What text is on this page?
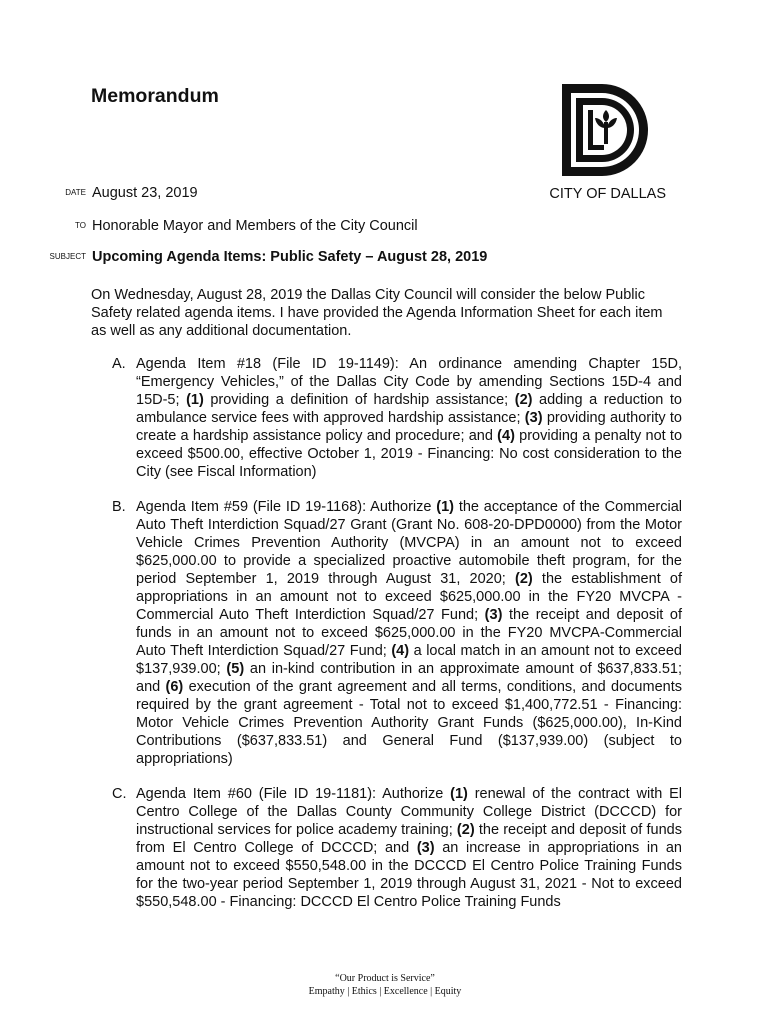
Memorandum
DATE August 23, 2019	CITY OF DALLAS
TO Honorable Mayor and Members of the City Council
SUBJECT Upcoming Agenda Items: Public Safety – August 28, 2019
On Wednesday, August 28, 2019 the Dallas City Council will consider the below Public Safety related agenda items. I have provided the Agenda Information Sheet for each item as well as any additional documentation.
A. Agenda Item #18 (File ID 19-1149): An ordinance amending Chapter 15D, “Emergency Vehicles,” of the Dallas City Code by amending Sections 15D-4 and 15D-5; (1) providing a definition of hardship assistance; (2) adding a reduction to ambulance service fees with approved hardship assistance; (3) providing authority to create a hardship assistance policy and procedure; and (4) providing a penalty not to exceed $500.00, effective October 1, 2019 - Financing: No cost consideration to the City (see Fiscal Information)
B. Agenda Item #59 (File ID 19-1168): Authorize (1) the acceptance of the Commercial Auto Theft Interdiction Squad/27 Grant (Grant No. 608-20-DPD0000) from the Motor Vehicle Crimes Prevention Authority (MVCPA) in an amount not to exceed $625,000.00 to provide a specialized proactive automobile theft program, for the period September 1, 2019 through August 31, 2020; (2) the establishment of appropriations in an amount not to exceed $625,000.00 in the FY20 MVCPA - Commercial Auto Theft Interdiction Squad/27 Fund; (3) the receipt and deposit of funds in an amount not to exceed $625,000.00 in the FY20 MVCPA-Commercial Auto Theft Interdiction Squad/27 Fund; (4) a local match in an amount not to exceed $137,939.00; (5) an in-kind contribution in an approximate amount of $637,833.51; and (6) execution of the grant agreement and all terms, conditions, and documents required by the grant agreement - Total not to exceed $1,400,772.51 - Financing: Motor Vehicle Crimes Prevention Authority Grant Funds ($625,000.00), In-Kind Contributions ($637,833.51) and General Fund ($137,939.00) (subject to appropriations)
C. Agenda Item #60 (File ID 19-1181): Authorize (1) renewal of the contract with El Centro College of the Dallas County Community College District (DCCCD) for instructional services for police academy training; (2) the receipt and deposit of funds from El Centro College of DCCCD; and (3) an increase in appropriations in an amount not to exceed $550,548.00 in the DCCCD El Centro Police Training Funds for the two-year period September 1, 2019 through August 31, 2021 - Not to exceed $550,548.00 - Financing: DCCCD El Centro Police Training Funds
“Our Product is Service”
Empathy | Ethics | Excellence | Equity
